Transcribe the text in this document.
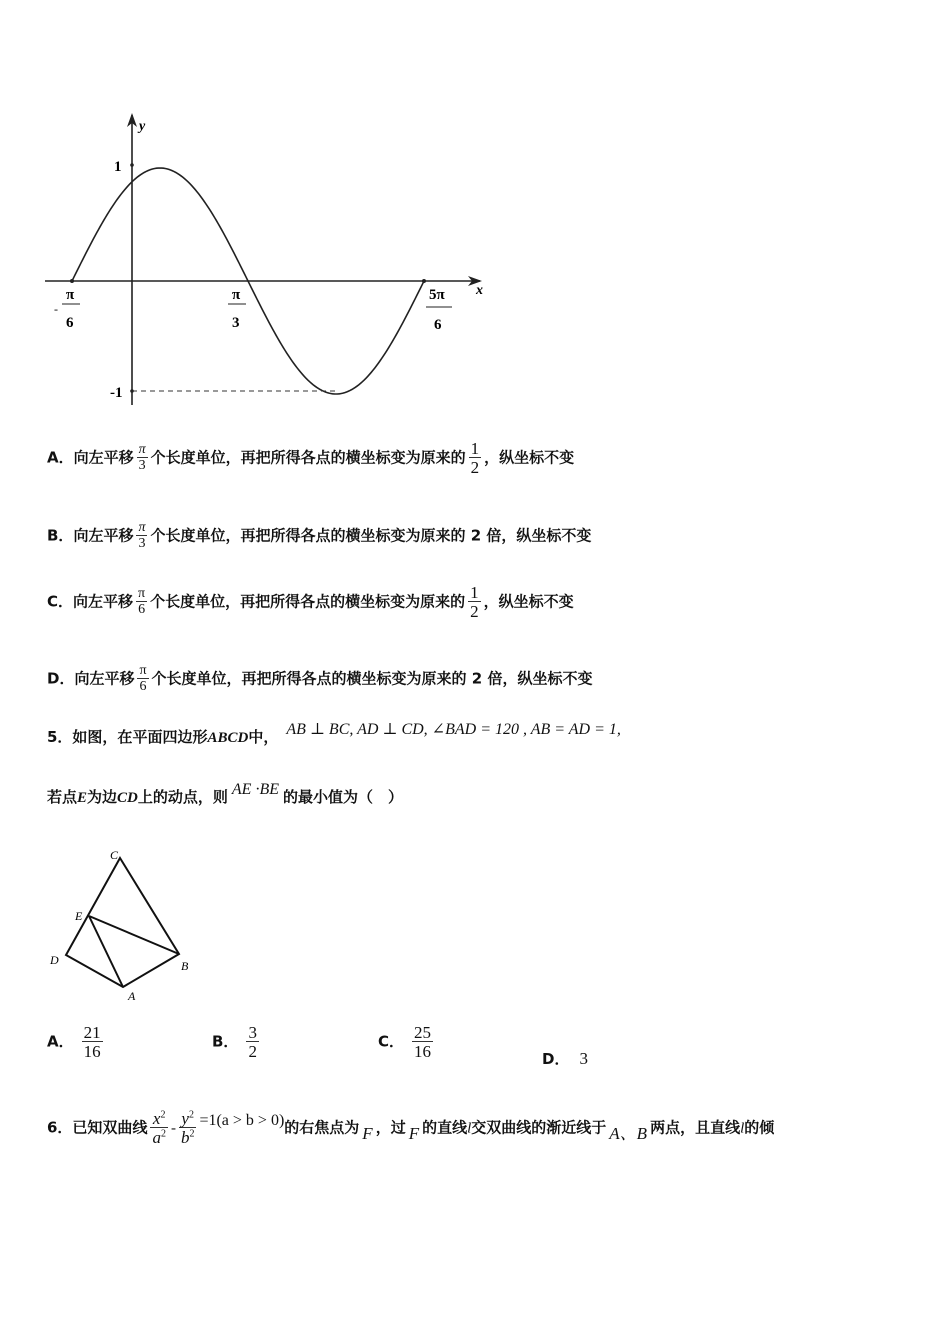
y
x
1
-1
-
π
6
π
3
5π
6
A．向左平移 $\frac{\pi}{3}$ 个长度单位，再把所得各点的横坐标变为原来的 $\frac{1}{2}$ ，纵坐标不变
B．向左平移 $\frac{\pi}{3}$ 个长度单位，再把所得各点的横坐标变为原来的 2 倍，纵坐标不变
C．向左平移 $\frac{\pi}{6}$ 个长度单位，再把所得各点的横坐标变为原来的 $\frac{1}{2}$ ，纵坐标不变
D．向左平移 $\frac{\pi}{6}$ 个长度单位，再把所得各点的横坐标变为原来的 2 倍，纵坐标不变
5．如图，在平面四边形ABCD中， AB ⊥ BC, AD ⊥ CD, ∠BAD = 120 , AB = AD = 1,
若点E为边CD上的动点，则 AE ·BE 的最小值为（　）
C
E
D	B
A
A． $\frac{21}{16}$	B． $\frac{3}{2}$	C． $\frac{25}{16}$	D． 3
6．已知双曲线 $\frac{x^2}{a^2} - \frac{y^2}{b^2} =1(a > b > 0)$的右焦点为 F ，过 F 的直线l交双曲线的渐近线于 A、B 两点，且直线l的倾
